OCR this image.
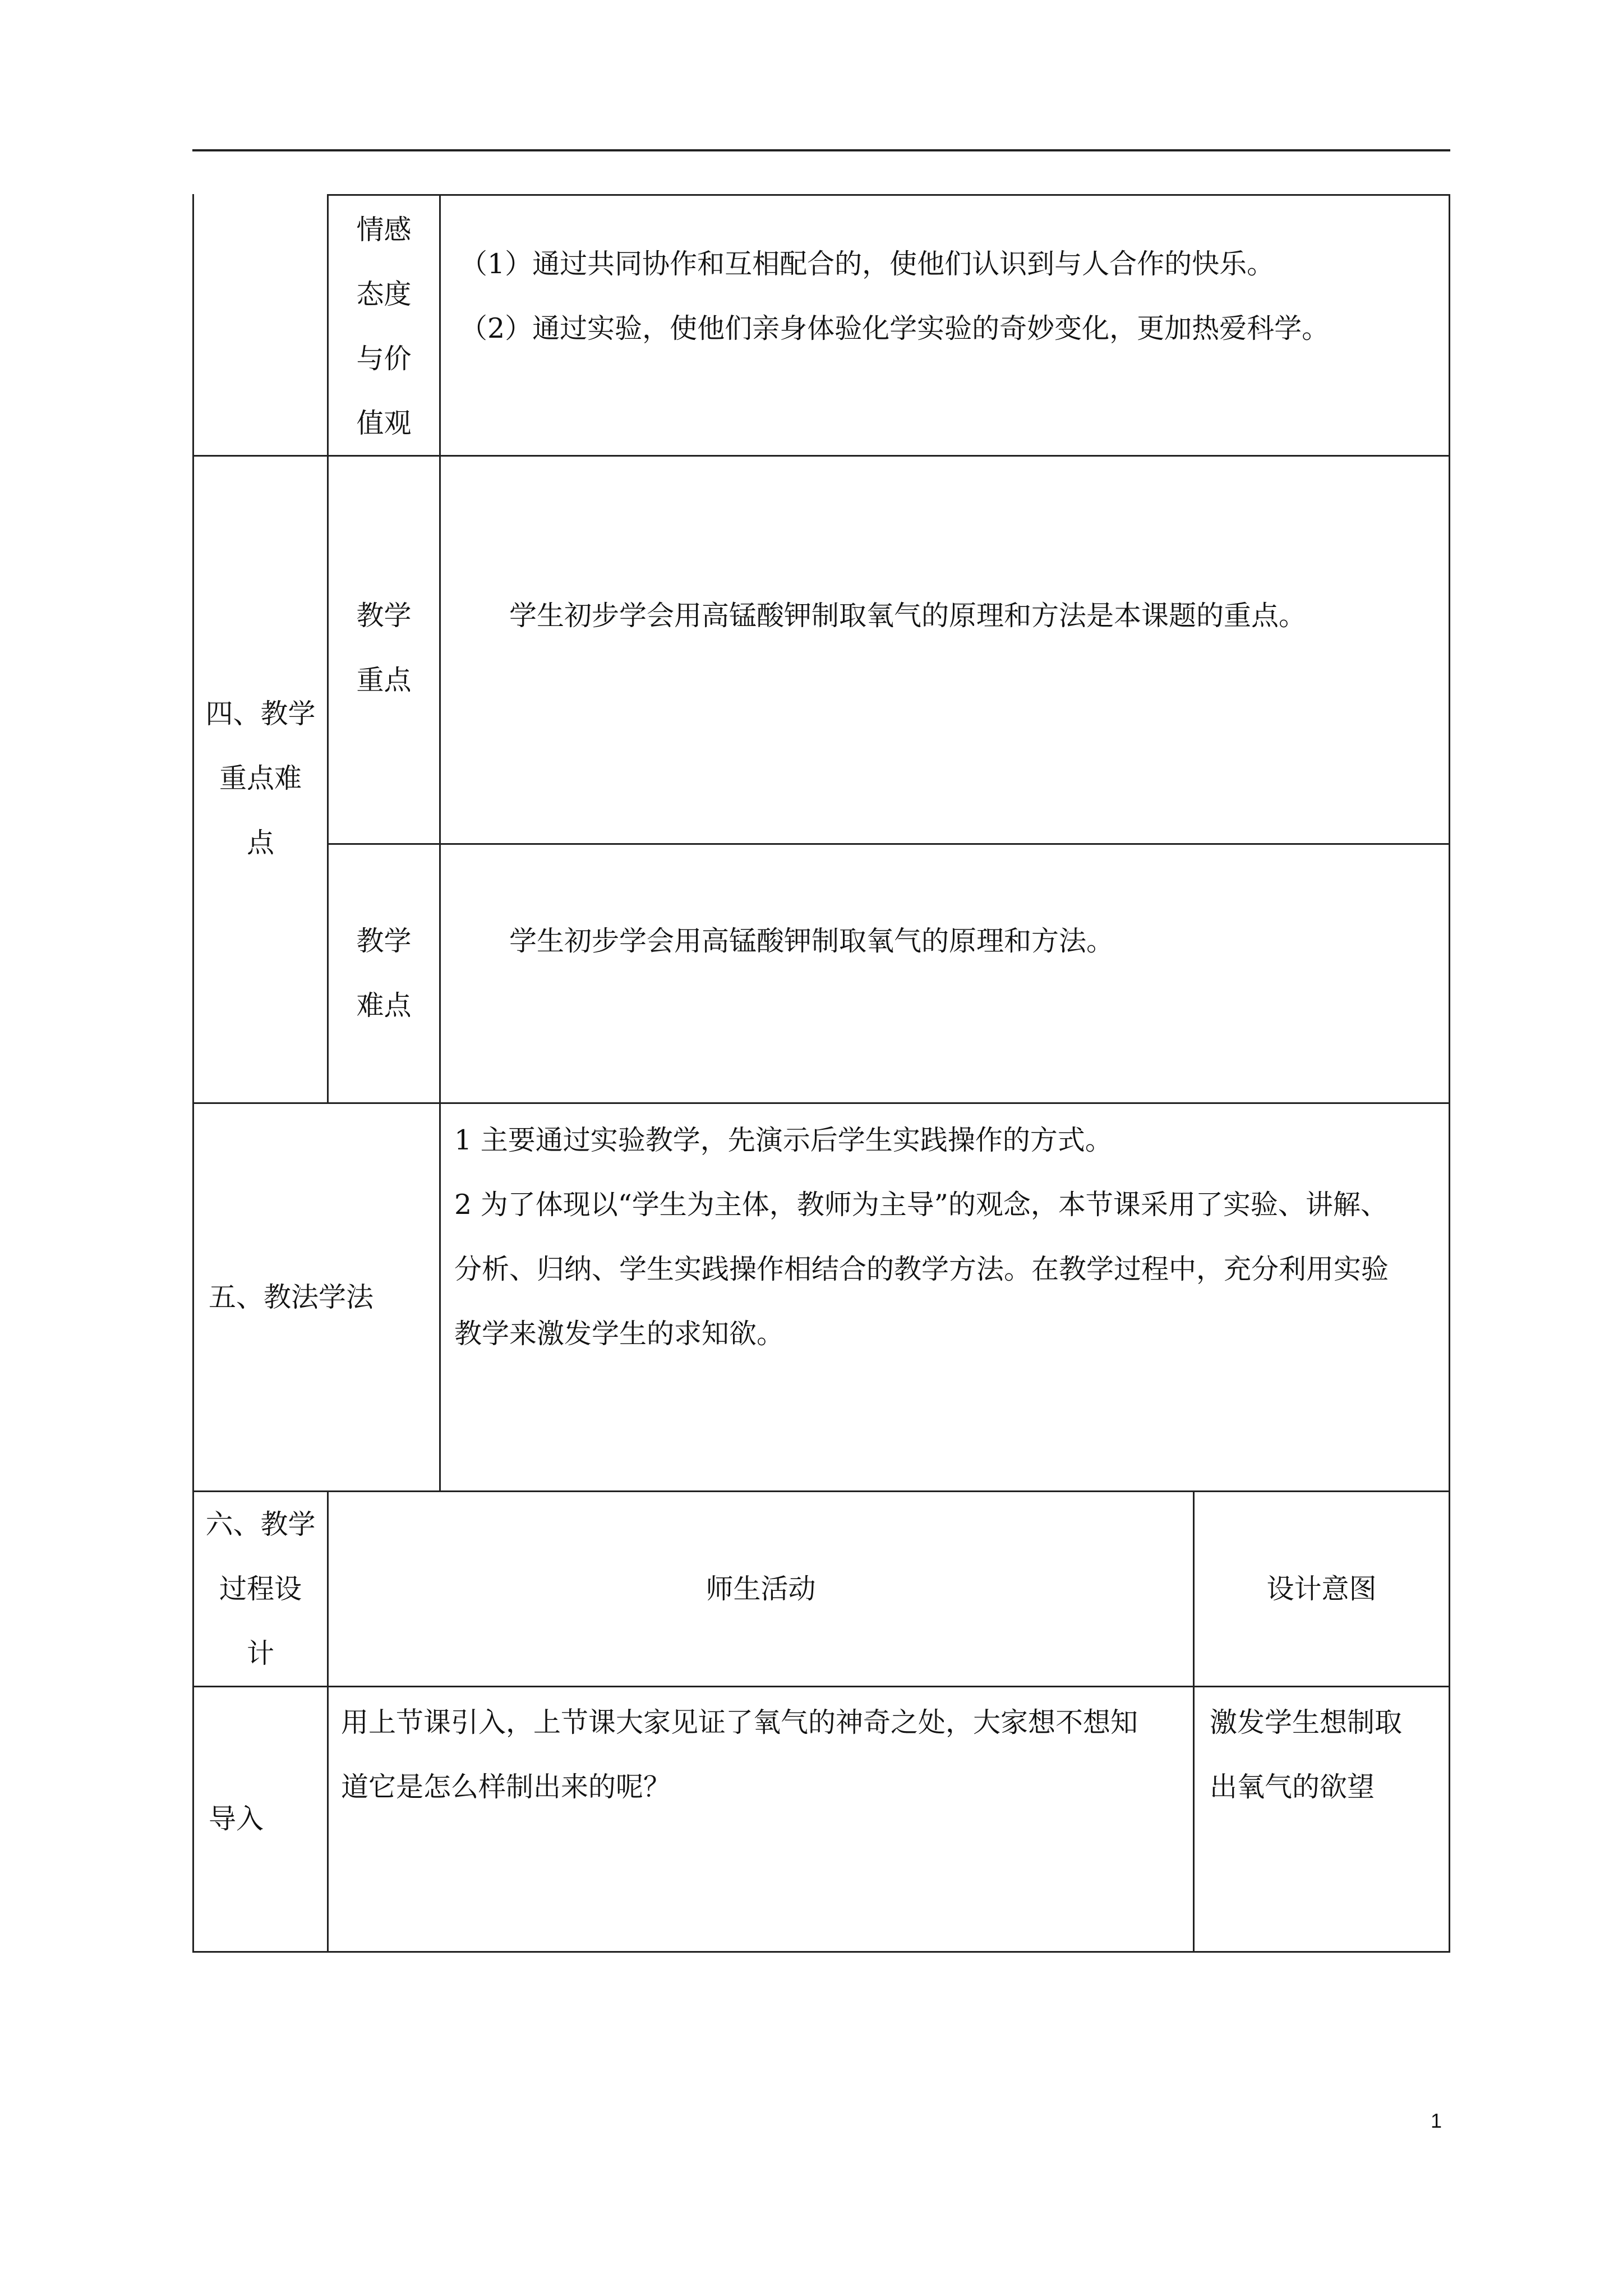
情感
态度
与价
值观
（1）通过共同协作和互相配合的，使他们认识到与人合作的快乐。
（2）通过实验，使他们亲身体验化学实验的奇妙变化，更加热爱科学。
四、教学
重点难
点
教学
重点
学生初步学会用高锰酸钾制取氧气的原理和方法是本课题的重点。
教学
难点
学生初步学会用高锰酸钾制取氧气的原理和方法。
五、教法学法
1 主要通过实验教学，先演示后学生实践操作的方式。
2 为了体现以“学生为主体，教师为主导”的观念，本节课采用了实验、讲解、
分析、归纳、学生实践操作相结合的教学方法。在教学过程中，充分利用实验
教学来激发学生的求知欲。
六、教学
过程设
计
师生活动	设计意图
导入
用上节课引入，上节课大家见证了氧气的神奇之处，大家想不想知
道它是怎么样制出来的呢？
激发学生想制取
出氧气的欲望
1
